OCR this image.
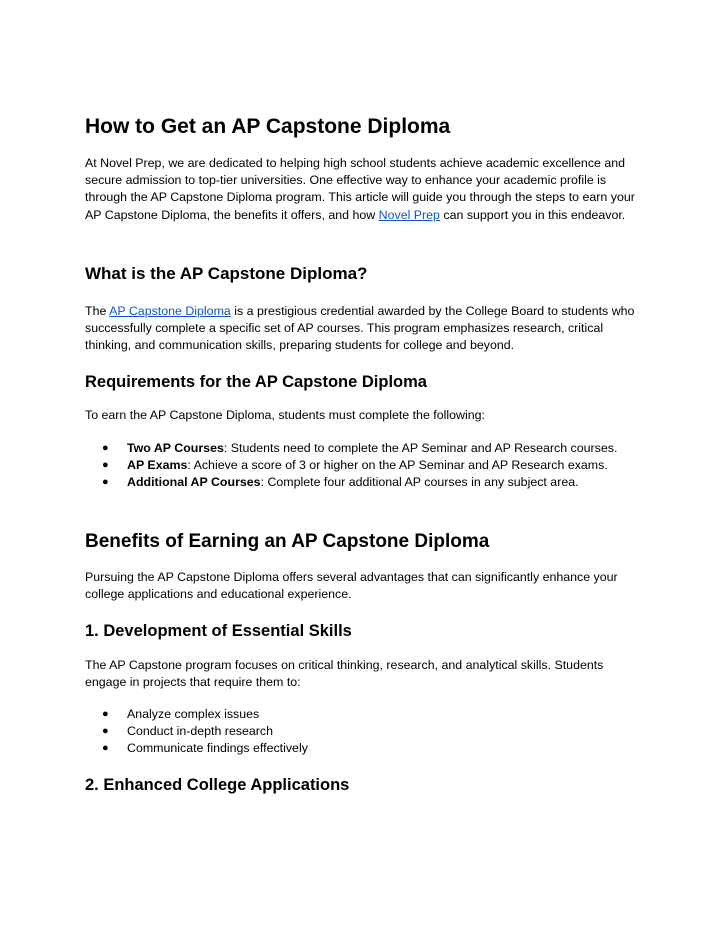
How to Get an AP Capstone Diploma

At Novel Prep, we are dedicated to helping high school students achieve academic excellence and secure admission to top-tier universities. One effective way to enhance your academic profile is through the AP Capstone Diploma program. This article will guide you through the steps to earn your AP Capstone Diploma, the benefits it offers, and how Novel Prep can support you in this endeavor.

What is the AP Capstone Diploma?

The AP Capstone Diploma is a prestigious credential awarded by the College Board to students who successfully complete a specific set of AP courses. This program emphasizes research, critical thinking, and communication skills, preparing students for college and beyond.

Requirements for the AP Capstone Diploma

To earn the AP Capstone Diploma, students must complete the following:

● Two AP Courses: Students need to complete the AP Seminar and AP Research courses.
● AP Exams: Achieve a score of 3 or higher on the AP Seminar and AP Research exams.
● Additional AP Courses: Complete four additional AP courses in any subject area.
Benefits of Earning an AP Capstone Diploma

Pursuing the AP Capstone Diploma offers several advantages that can significantly enhance your college applications and educational experience.

1. Development of Essential Skills

The AP Capstone program focuses on critical thinking, research, and analytical skills. Students engage in projects that require them to:

● Analyze complex issues
● Conduct in-depth research
● Communicate findings effectively
2. Enhanced College Applications
